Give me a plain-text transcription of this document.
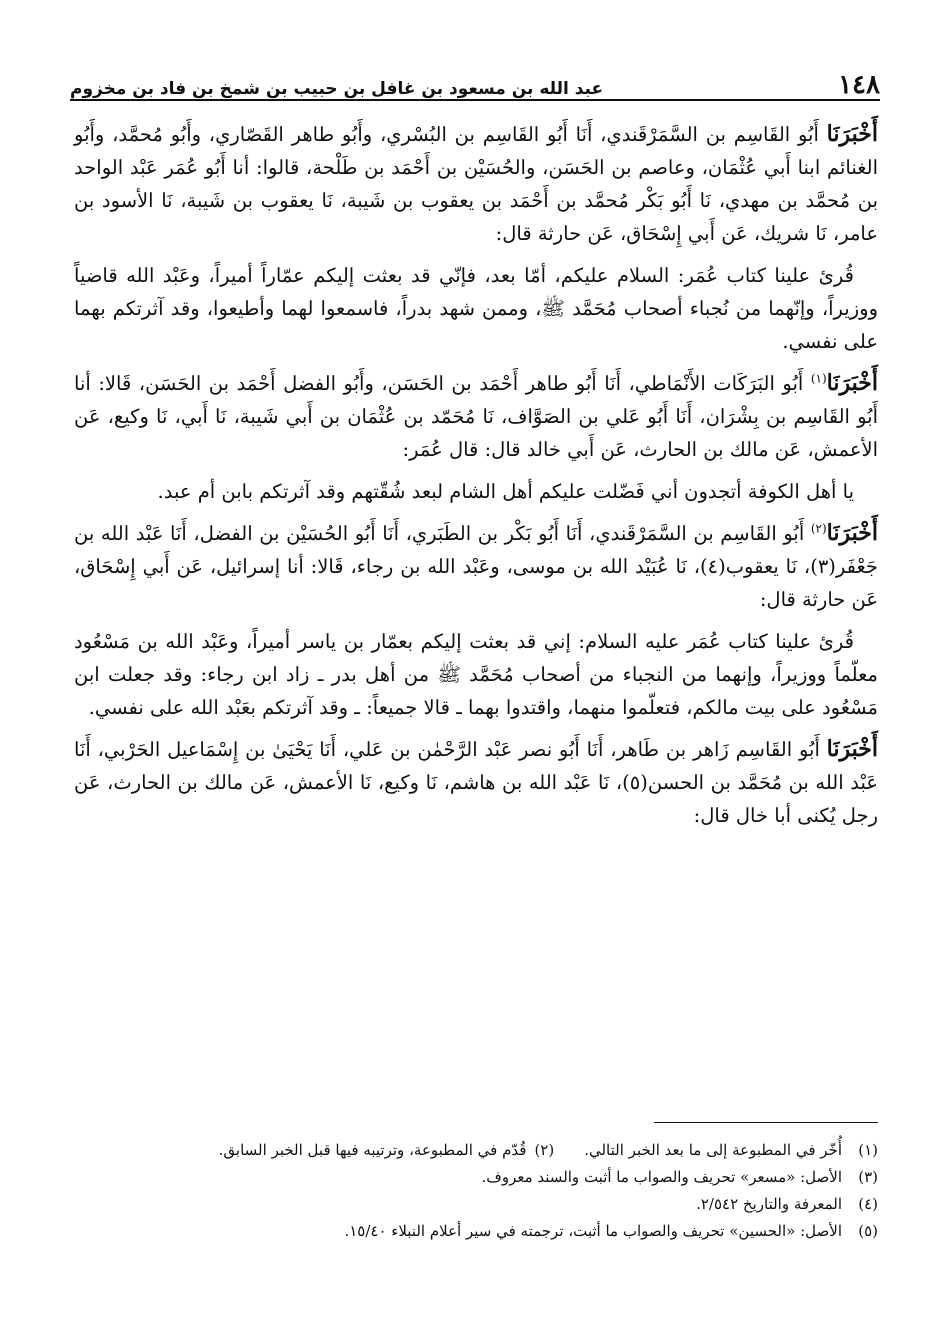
١٤٨
عبد الله بن مسعود بن غافل بن حبيب بن شمخ بن فاد بن مخزوم

أَخْبَرَنَا أَبُو القَاسِم بن السَّمَرْقَندي، أَنَا أَبُو القَاسِم بن البُسْري، وأَبُو طاهر القَصّاري، وأَبُو مُحمَّد، وأَبُو الغنائم ابنا أَبي عُثْمَان، وعاصم بن الحَسَن، والحُسَيْن بن أَحْمَد بن طَلْحة، قالوا: أنا أَبُو عُمَر عَبْد الواحد بن مُحمَّد بن مهدي، نَا أَبُو بَكْر مُحمَّد بن أَحْمَد بن يعقوب بن شَيبة، نَا يعقوب بن شَيبة، نَا الأسود بن عامر، نَا شريك، عَن أَبي إِسْحَاق، عَن حارثة قال:

قُرئ علينا كتاب عُمَر: السلام عليكم، أمّا بعد، فإنّي قد بعثت إليكم عمّاراً أميراً، وعَبْد الله قاضياً ووزيراً، وإنّهما من نُجباء أصحاب مُحَمَّد ﷺ، وممن شهد بدراً، فاسمعوا لهما وأطيعوا، وقد آثرتكم بهما على نفسي.

أَخْبَرَنَا$^{(١)}$ أَبُو البَرَكَات الأَنْمَاطي، أَنَا أَبُو طاهر أَحْمَد بن الحَسَن، وأَبُو الفضل أَحْمَد بن الحَسَن، قَالا: أنا أَبُو القَاسِم بن بِشْرَان، أَنَا أَبُو عَلي بن الصَوَّاف، نَا مُحَمّد بن عُثْمَان بن أَبي شَيبة، نَا أَبي، نَا وكيع، عَن الأعمش، عَن مالك بن الحارث، عَن أَبي خالد قال: قال عُمَر:

يا أهل الكوفة أتجدون أني فَضّلت عليكم أهل الشام لبعد شُقّتهم وقد آثرتكم بابن أم عبد.

أَخْبَرَنَا$^{(٢)}$ أَبُو القَاسِم بن السَّمَرْقَندي، أَنَا أَبُو بَكْر بن الطَبَري، أَنَا أَبُو الحُسَيْن بن الفضل، أَنَا عَبْد الله بن جَعْفَر(٣)، نَا يعقوب(٤)، نَا عُبَيْد الله بن موسى، وعَبْد الله بن رجاء، قَالا: أنا إسرائيل، عَن أَبي إِسْحَاق، عَن حارثة قال:

قُرئ علينا كتاب عُمَر عليه السلام: إني قد بعثت إليكم بعمّار بن ياسر أميراً، وعَبْد الله بن مَسْعُود معلّماً ووزيراً، وإنهما من النجباء من أصحاب مُحَمَّد ﷺ من أهل بدر ـ زاد ابن رجاء: وقد جعلت ابن مَسْعُود على بيت مالكم، فتعلّموا منهما، واقتدوا بهما ـ قالا جميعاً: ـ وقد آثرتكم بعَبْد الله على نفسي.

أَخْبَرَنَا أَبُو القَاسِم زَاهر بن طَاهر، أَنَا أَبُو نصر عَبْد الرَّحْمٰن بن عَلي، أَنَا يَحْيَىٰ بن إِسْمَاعيل الحَرْبي، أَنَا عَبْد الله بن مُحَمَّد بن الحسن(٥)، نَا عَبْد الله بن هاشم، نَا وكيع، نَا الأعمش، عَن مالك بن الحارث، عَن رجل يُكنى أبا خال قال:

(١)
أُخّر في المطبوعة إلى ما بعد الخبر التالي.
(٢)
قُدّم في المطبوعة، وترتيبه فيها قبل الخبر السابق.
(٣)
الأصل: «مسعر» تحريف والصواب ما أثبت والسند معروف.
(٤)
المعرفة والتاريخ ٢/٥٤٢.
(٥)
الأصل: «الحسين» تحريف والصواب ما أثبت، ترجمته في سير أعلام النبلاء ١٥/٤٠.
